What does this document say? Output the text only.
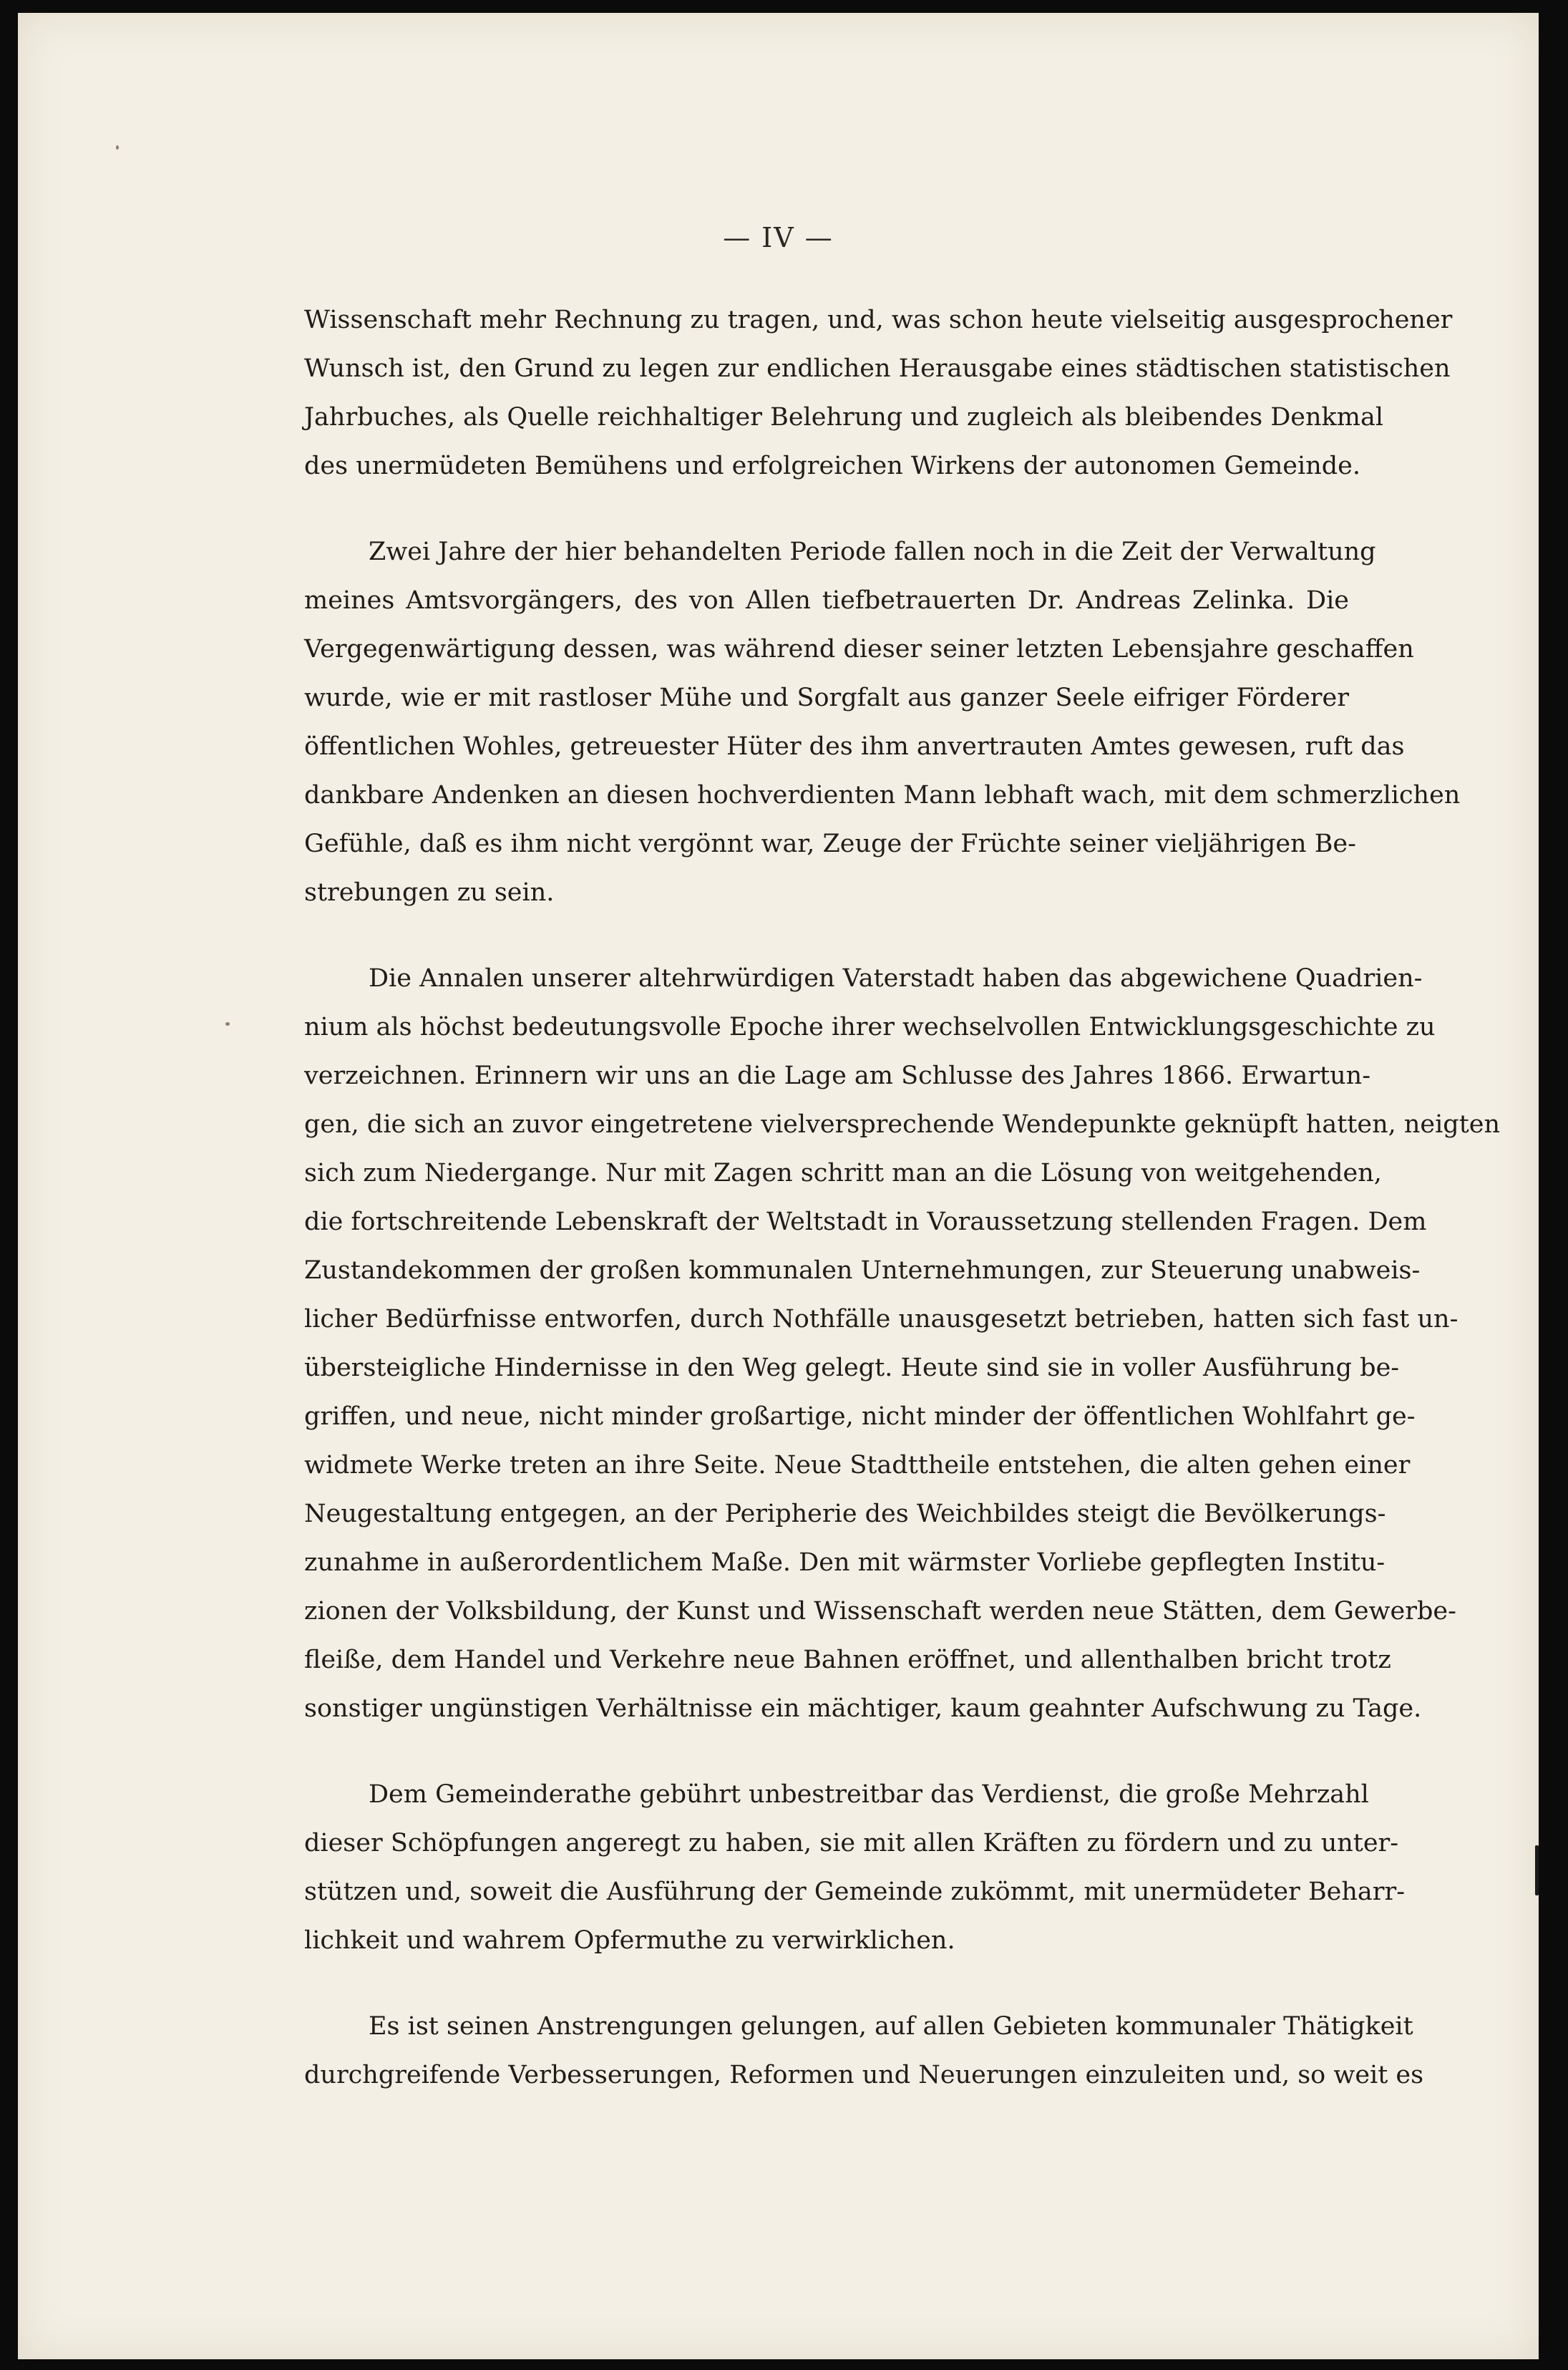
— IV —
Wissenschaft mehr Rechnung zu tragen, und, was schon heute vielseitig ausgesprochener
Wunsch ist, den Grund zu legen zur endlichen Herausgabe eines städtischen statistischen
Jahrbuches, als Quelle reichhaltiger Belehrung und zugleich als bleibendes Denkmal
des unermüdeten Bemühens und erfolgreichen Wirkens der autonomen Gemeinde.
Zwei Jahre der hier behandelten Periode fallen noch in die Zeit der Verwaltung
meines Amtsvorgängers, des von Allen tiefbetrauerten Dr. Andreas Zelinka. Die
Vergegenwärtigung dessen, was während dieser seiner letzten Lebensjahre geschaffen
wurde, wie er mit rastloser Mühe und Sorgfalt aus ganzer Seele eifriger Förderer
öffentlichen Wohles, getreuester Hüter des ihm anvertrauten Amtes gewesen, ruft das
dankbare Andenken an diesen hochverdienten Mann lebhaft wach, mit dem schmerzlichen
Gefühle, daß es ihm nicht vergönnt war, Zeuge der Früchte seiner vieljährigen Be-
strebungen zu sein.
Die Annalen unserer altehrwürdigen Vaterstadt haben das abgewichene Quadrien-
nium als höchst bedeutungsvolle Epoche ihrer wechselvollen Entwicklungsgeschichte zu
verzeichnen. Erinnern wir uns an die Lage am Schlusse des Jahres 1866. Erwartun-
gen, die sich an zuvor eingetretene vielversprechende Wendepunkte geknüpft hatten, neigten
sich zum Niedergange. Nur mit Zagen schritt man an die Lösung von weitgehenden,
die fortschreitende Lebenskraft der Weltstadt in Voraussetzung stellenden Fragen. Dem
Zustandekommen der großen kommunalen Unternehmungen, zur Steuerung unabweis-
licher Bedürfnisse entworfen, durch Nothfälle unausgesetzt betrieben, hatten sich fast un-
übersteigliche Hindernisse in den Weg gelegt. Heute sind sie in voller Ausführung be-
griffen, und neue, nicht minder großartige, nicht minder der öffentlichen Wohlfahrt ge-
widmete Werke treten an ihre Seite. Neue Stadttheile entstehen, die alten gehen einer
Neugestaltung entgegen, an der Peripherie des Weichbildes steigt die Bevölkerungs-
zunahme in außerordentlichem Maße. Den mit wärmster Vorliebe gepflegten Institu-
zionen der Volksbildung, der Kunst und Wissenschaft werden neue Stätten, dem Gewerbe-
fleiße, dem Handel und Verkehre neue Bahnen eröffnet, und allenthalben bricht trotz
sonstiger ungünstigen Verhältnisse ein mächtiger, kaum geahnter Aufschwung zu Tage.
Dem Gemeinderathe gebührt unbestreitbar das Verdienst, die große Mehrzahl
dieser Schöpfungen angeregt zu haben, sie mit allen Kräften zu fördern und zu unter-
stützen und, soweit die Ausführung der Gemeinde zukömmt, mit unermüdeter Beharr-
lichkeit und wahrem Opfermuthe zu verwirklichen.
Es ist seinen Anstrengungen gelungen, auf allen Gebieten kommunaler Thätigkeit
durchgreifende Verbesserungen, Reformen und Neuerungen einzuleiten und, so weit es
